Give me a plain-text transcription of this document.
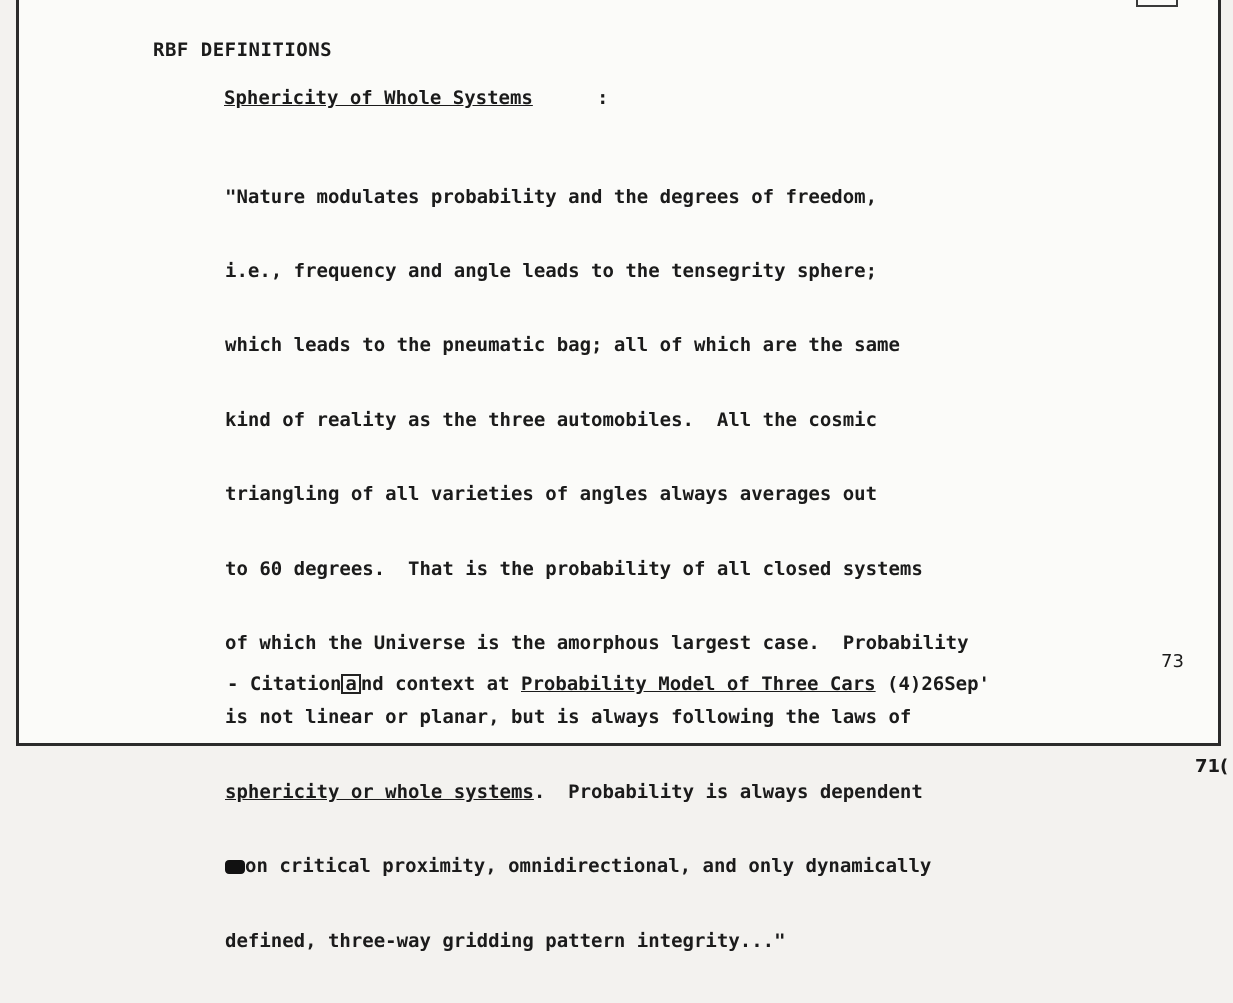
RBF DEFINITIONS
Sphericity of Whole Systems	:

"Nature modulates probability and the degrees of freedom,

i.e., frequency and angle leads to the tensegrity sphere;

which leads to the pneumatic bag; all of which are the same

kind of reality as the three automobiles.  All the cosmic

triangling of all varieties of angles always averages out

to 60 degrees.  That is the probability of all closed systems

of which the Universe is the amorphous largest case.  Probability

is not linear or planar, but is always following the laws of

sphericity or whole systems.  Probability is always dependent

on critical proximity, omnidirectional, and only dynamically

defined, three-way gridding pattern integrity..."

- Citation a nd context at Probability Model of Three Cars (4)26Sep'
73
71(
